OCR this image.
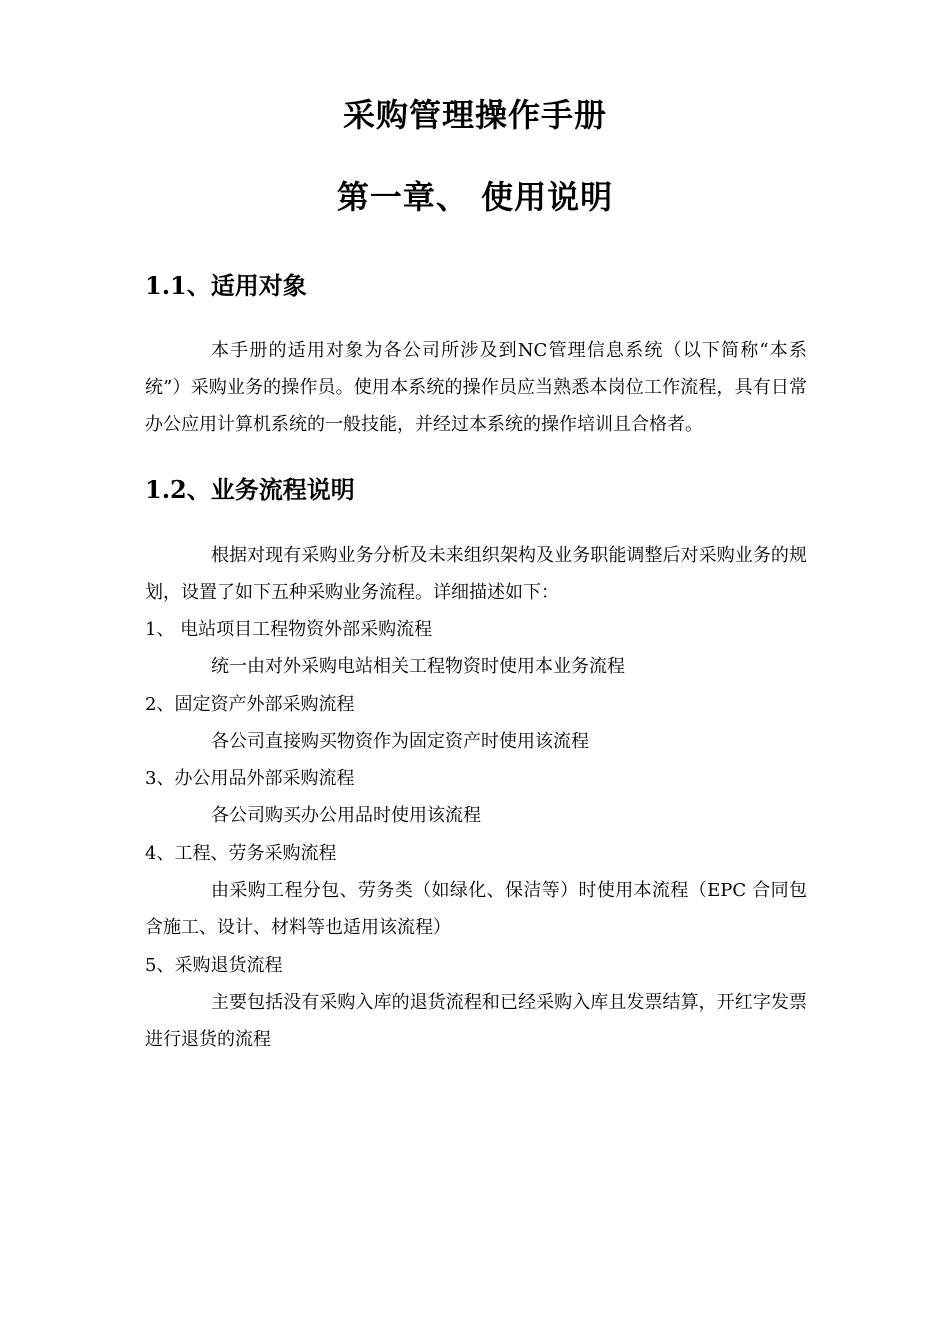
采购管理操作手册
第一章、 使用说明
1.1、适用对象
本手册的适用对象为各公司所涉及到NC管理信息系统（以下简称“本系统”）采购业务的操作员。使用本系统的操作员应当熟悉本岗位工作流程，具有日常办公应用计算机系统的一般技能，并经过本系统的操作培训且合格者。
1.2、业务流程说明
根据对现有采购业务分析及未来组织架构及业务职能调整后对采购业务的规划，设置了如下五种采购业务流程。详细描述如下：
1、 电站项目工程物资外部采购流程
统一由对外采购电站相关工程物资时使用本业务流程
2、固定资产外部采购流程
各公司直接购买物资作为固定资产时使用该流程
3、办公用品外部采购流程
各公司购买办公用品时使用该流程
4、工程、劳务采购流程
由采购工程分包、劳务类（如绿化、保洁等）时使用本流程（EPC 合同包含施工、设计、材料等也适用该流程）
5、采购退货流程
主要包括没有采购入库的退货流程和已经采购入库且发票结算，开红字发票进行退货的流程
